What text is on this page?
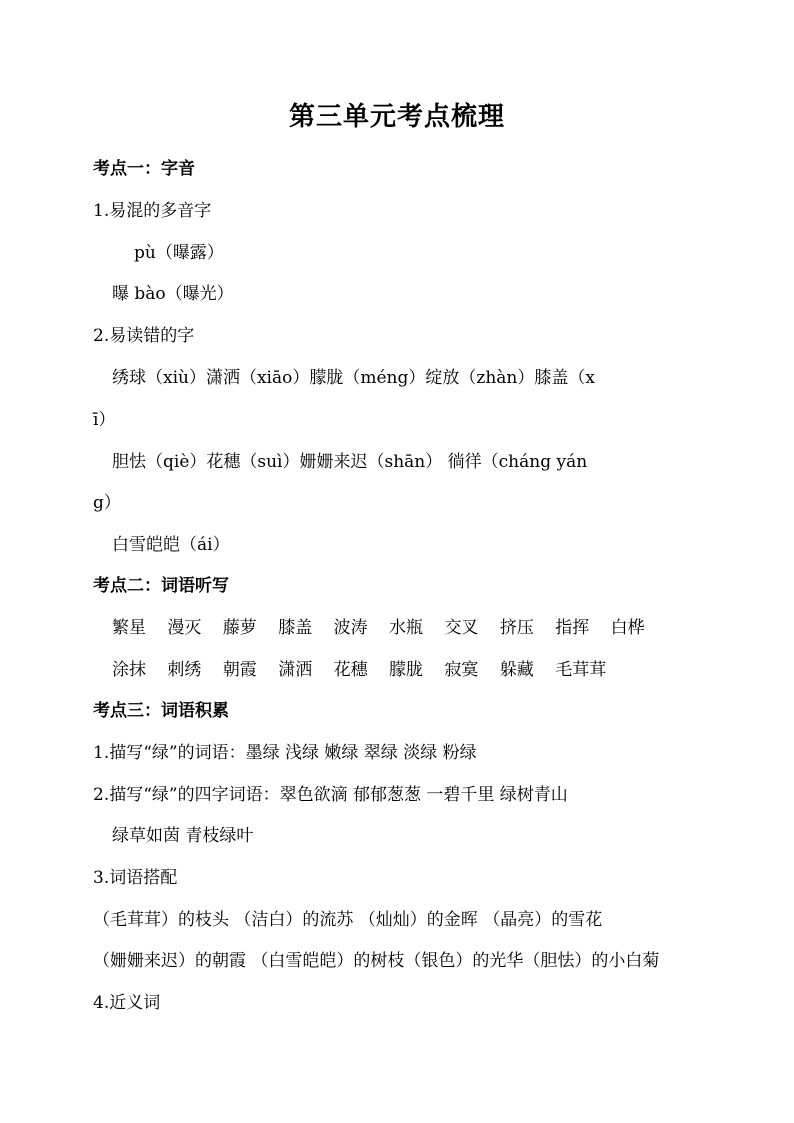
第三单元考点梳理
考点一：字音
1.易混的多音字
pù（曝露）
曝 bào（曝光）
2.易读错的字
绣球（xiù）潇洒（xiāo）朦胧（méng）绽放（zhàn）膝盖（x
ī）
胆怯（qiè）花穗（suì）姗姗来迟（shān） 徜徉（cháng yán
g）
白雪皑皑（ái）
考点二：词语听写
繁星 漫灭 藤萝 膝盖 波涛 水瓶 交叉 挤压 指挥 白桦
涂抹 刺绣 朝霞 潇洒 花穗 朦胧 寂寞 躲藏 毛茸茸
考点三：词语积累
1.描写“绿”的词语：墨绿 浅绿 嫩绿 翠绿 淡绿 粉绿
2.描写“绿”的四字词语：翠色欲滴 郁郁葱葱 一碧千里 绿树青山
绿草如茵 青枝绿叶
3.词语搭配
（毛茸茸）的枝头 （洁白）的流苏 （灿灿）的金晖 （晶亮）的雪花
（姗姗来迟）的朝霞 （白雪皑皑）的树枝（银色）的光华（胆怯）的小白菊
4.近义词
